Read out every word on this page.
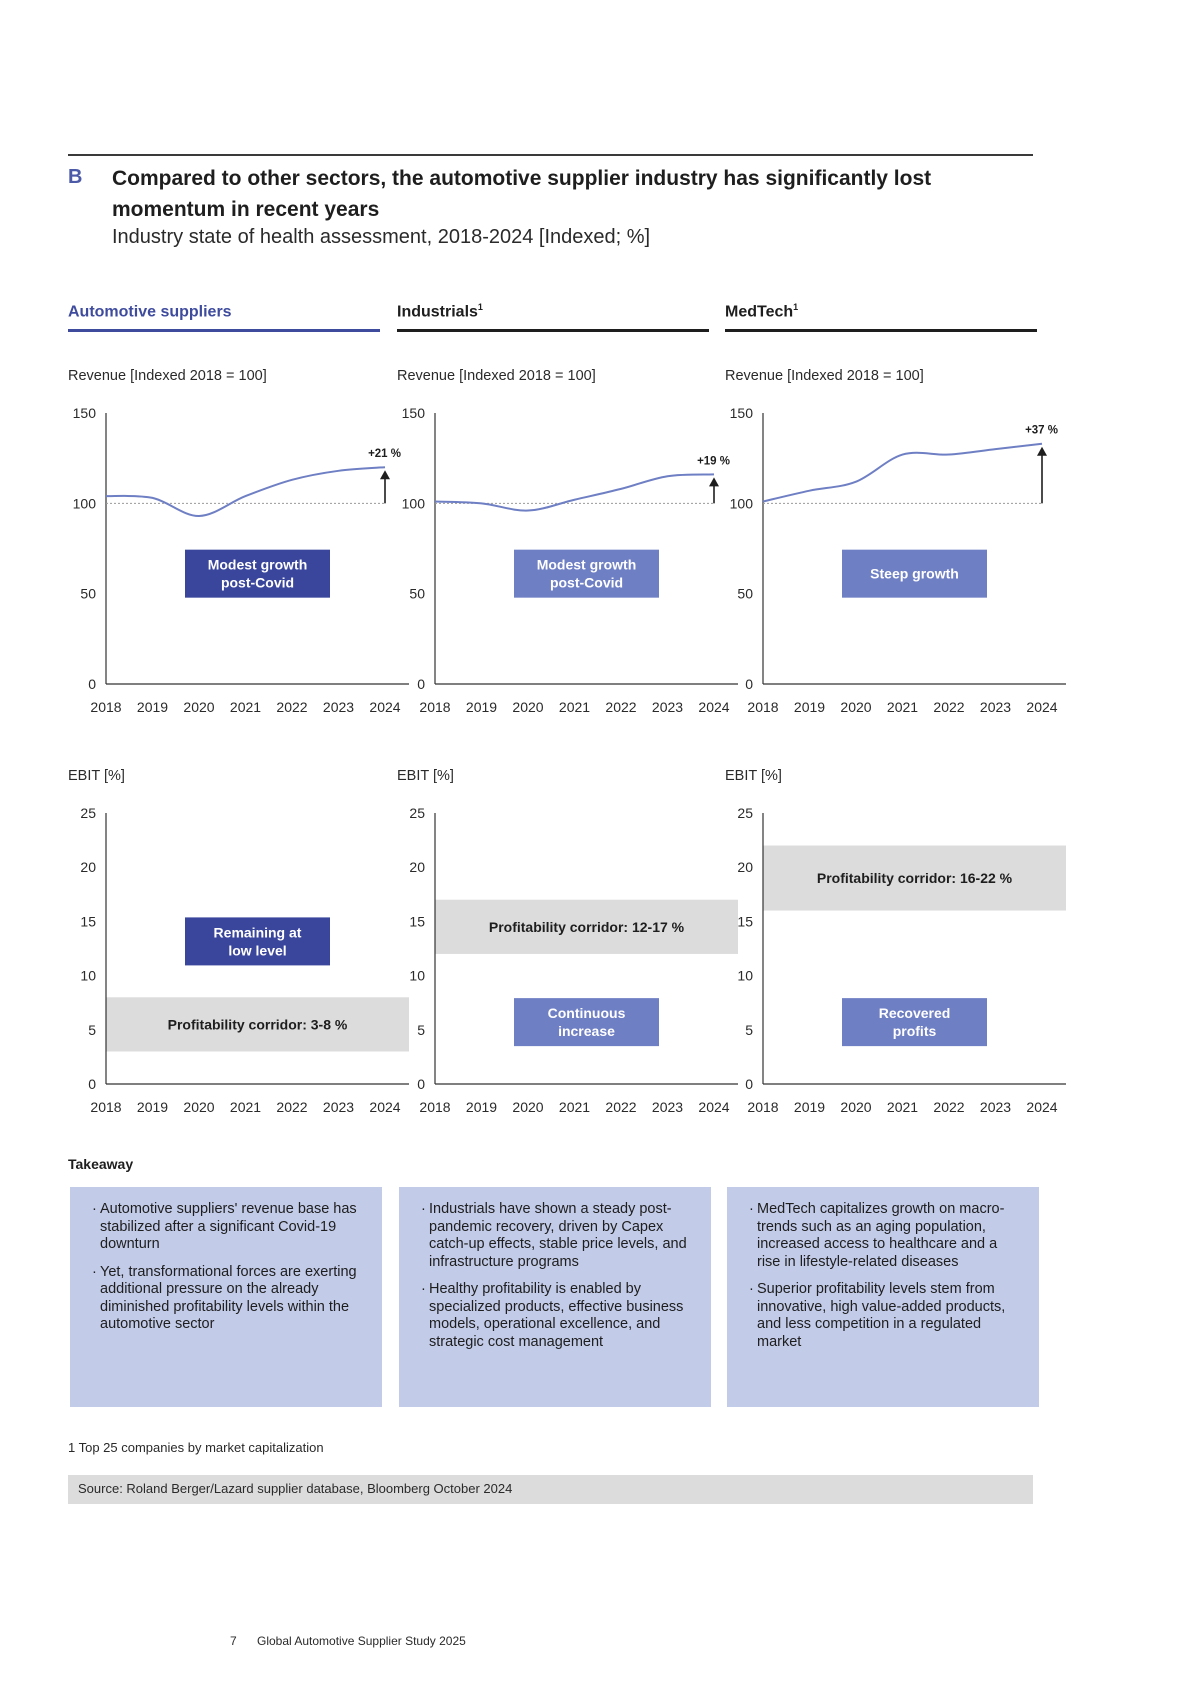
B Compared to other sectors, the automotive supplier industry has significantly lost momentum in recent years
Industry state of health assessment, 2018-2024 [Indexed; %]
Automotive suppliers	Industrials$^1$	MedTech$^1$
Revenue [Indexed 2018 = 100]	Revenue [Indexed 2018 = 100]	Revenue [Indexed 2018 = 100]
EBIT [%]	EBIT [%]	EBIT [%]
0
50
100
150
2018 2019 2020 2021 2022 2023 2024
+21 %
Modest growth
post-Covid
0
50
100
150
2018 2019 2020 2021 2022 2023 2024
+19 %
Modest growth
post-Covid
0
50
100
150
2018 2019 2020 2021 2022 2023 2024
+37 %
Steep growth
Profitability corridor: 3-8 %
0
5
10
15
20
25
2018 2019 2020 2021 2022 2023 2024
Remaining at
low level
Profitability corridor: 12-17 %
0
5
10
15
20
25
2018 2019 2020 2021 2022 2023 2024
Continuous
increase
Profitability corridor: 16-22 %
0
5
10
15
20
25
2018 2019 2020 2021 2022 2023 2024
Recovered
profits
Takeaway
· Automotive suppliers' revenue base has stabilized after a significant Covid-19 downturn
· Yet, transformational forces are exerting additional pressure on the already diminished profitability levels within the automotive sector
· Industrials have shown a steady post-pandemic recovery, driven by Capex catch-up effects, stable price levels, and infrastructure programs
· Healthy profitability is enabled by specialized products, effective business models, operational excellence, and strategic cost management
· MedTech capitalizes growth on macro-trends such as an aging population, increased access to healthcare and a rise in lifestyle-related diseases
· Superior profitability levels stem from innovative, high value-added products, and less competition in a regulated market
1 Top 25 companies by market capitalization
Source: Roland Berger/Lazard supplier database, Bloomberg October 2024
7 Global Automotive Supplier Study 2025
